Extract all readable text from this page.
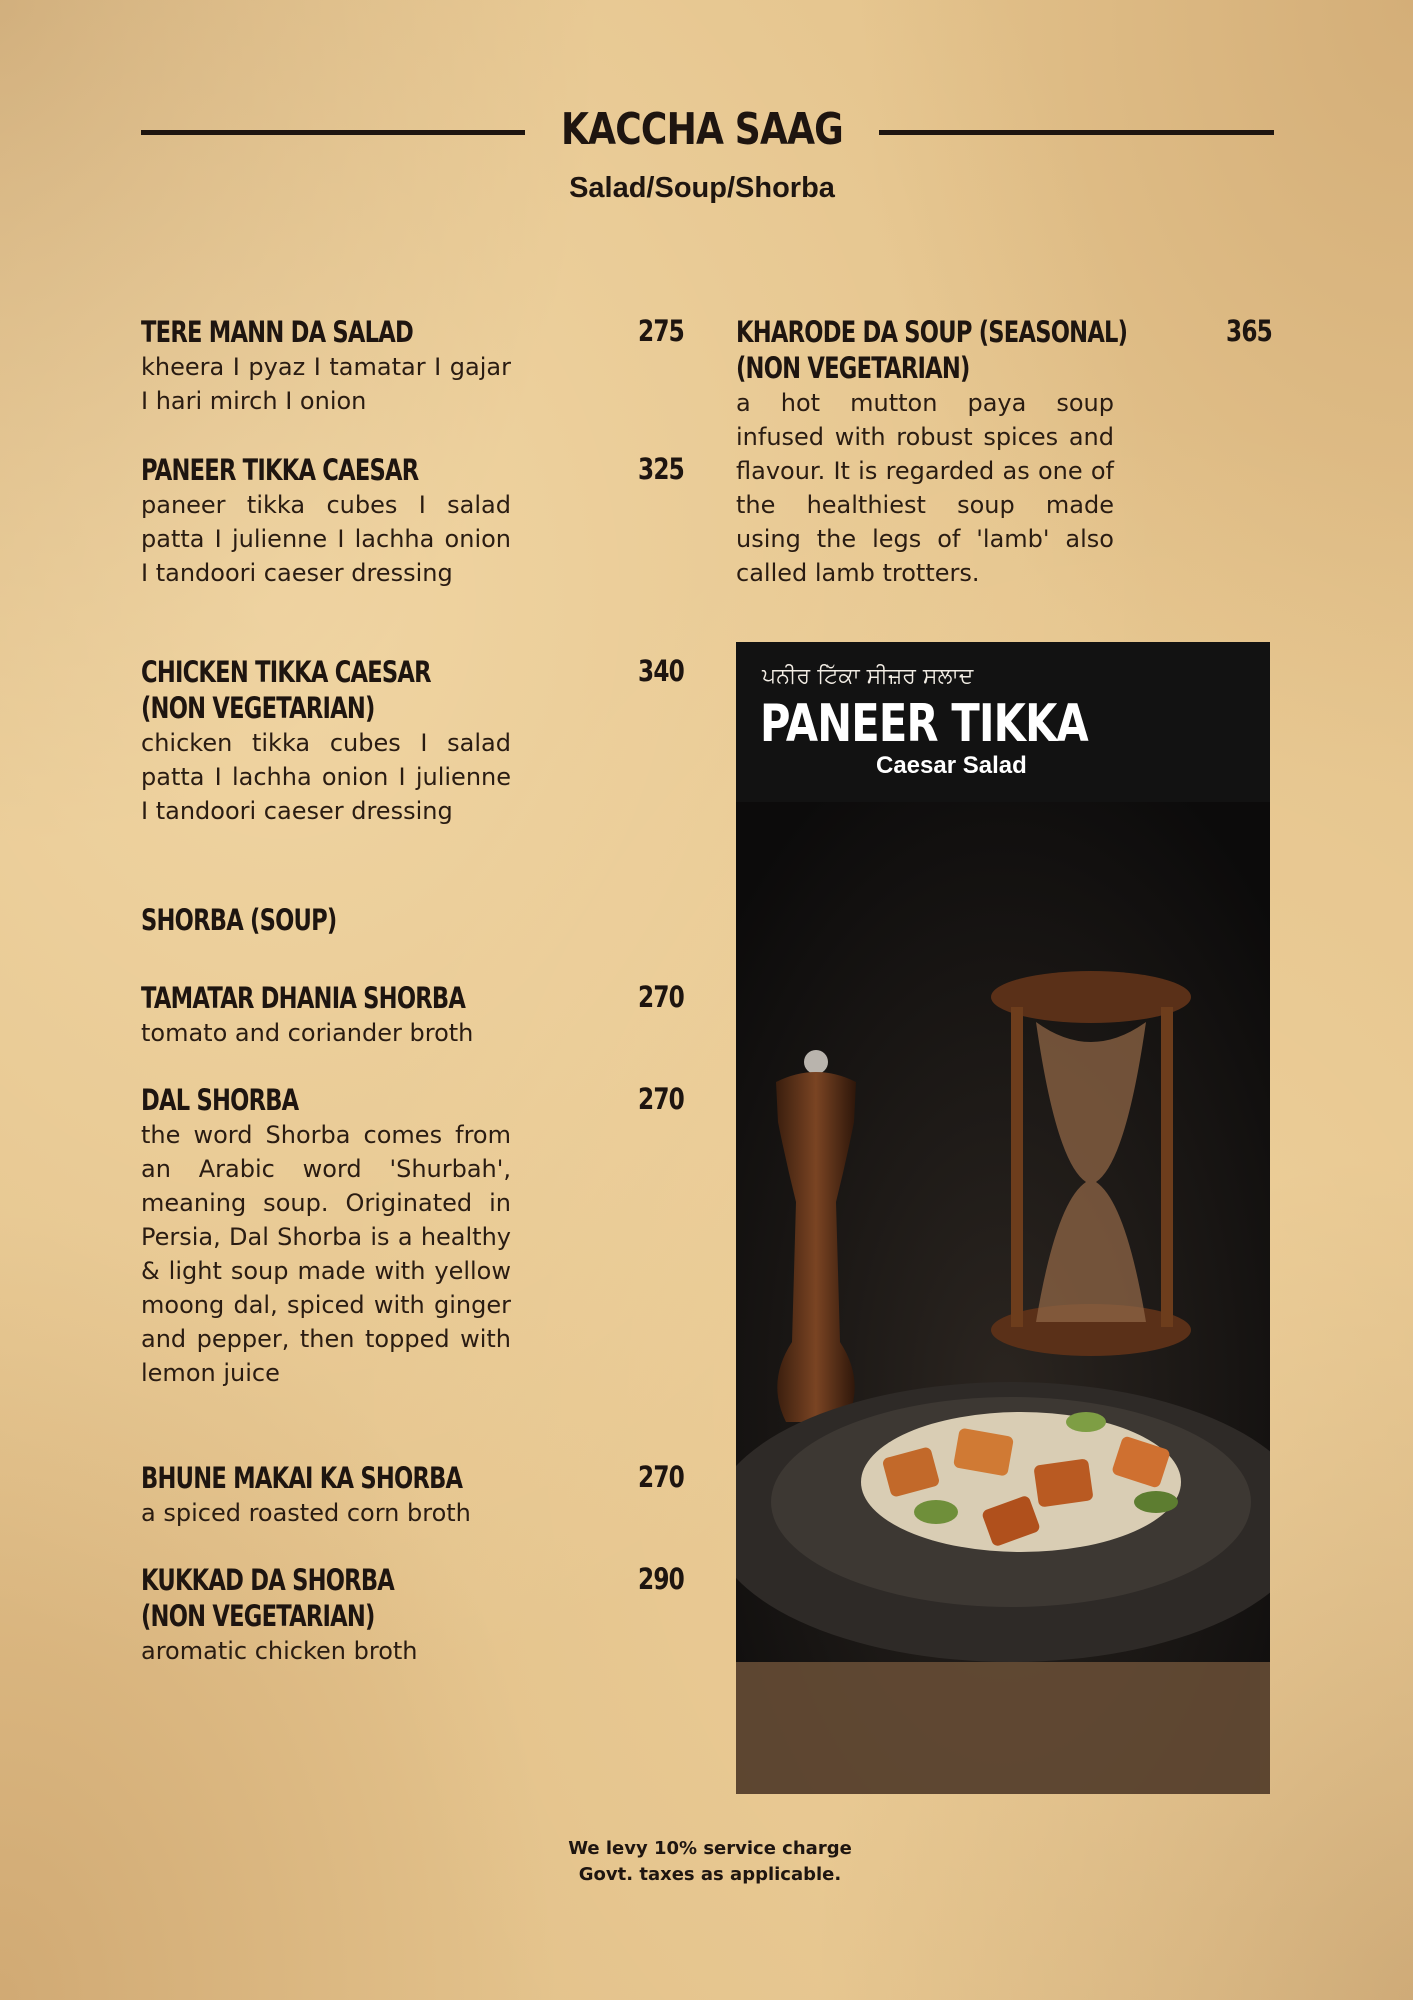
KACCHA SAAG
Salad/Soup/Shorba
TERE MANN DA SALAD
kheera I pyaz I tamatar I gajar I hari mirch I onion
275
PANEER TIKKA CAESAR
paneer tikka cubes I salad patta I julienne I lachha onion I tandoori caeser dressing
325
CHICKEN TIKKA CAESAR
(NON VEGETARIAN)
chicken tikka cubes I salad patta I lachha onion I julienne I tandoori caeser dressing
340
SHORBA (SOUP)
TAMATAR DHANIA SHORBA
tomato and coriander broth
270
DAL SHORBA
the word Shorba comes from an Arabic word 'Shurbah', meaning soup. Originated in Persia, Dal Shorba is a healthy & light soup made with yellow moong dal, spiced with ginger and pepper, then topped with lemon juice
270
BHUNE MAKAI KA SHORBA
a spiced roasted corn broth
270
KUKKAD DA SHORBA
(NON VEGETARIAN)
aromatic chicken broth
290
KHARODE DA SOUP (SEASONAL)
(NON VEGETARIAN)
a hot mutton paya soup infused with robust spices and flavour. It is regarded as one of the healthiest soup made using the legs of 'lamb' also called lamb trotters.
365
ਪਨੀਰ ਟਿੱਕਾ ਸੀਜ਼ਰ ਸਲਾਦ
PANEER TIKKA
Caesar Salad
We levy 10% service charge
Govt. taxes as applicable.
